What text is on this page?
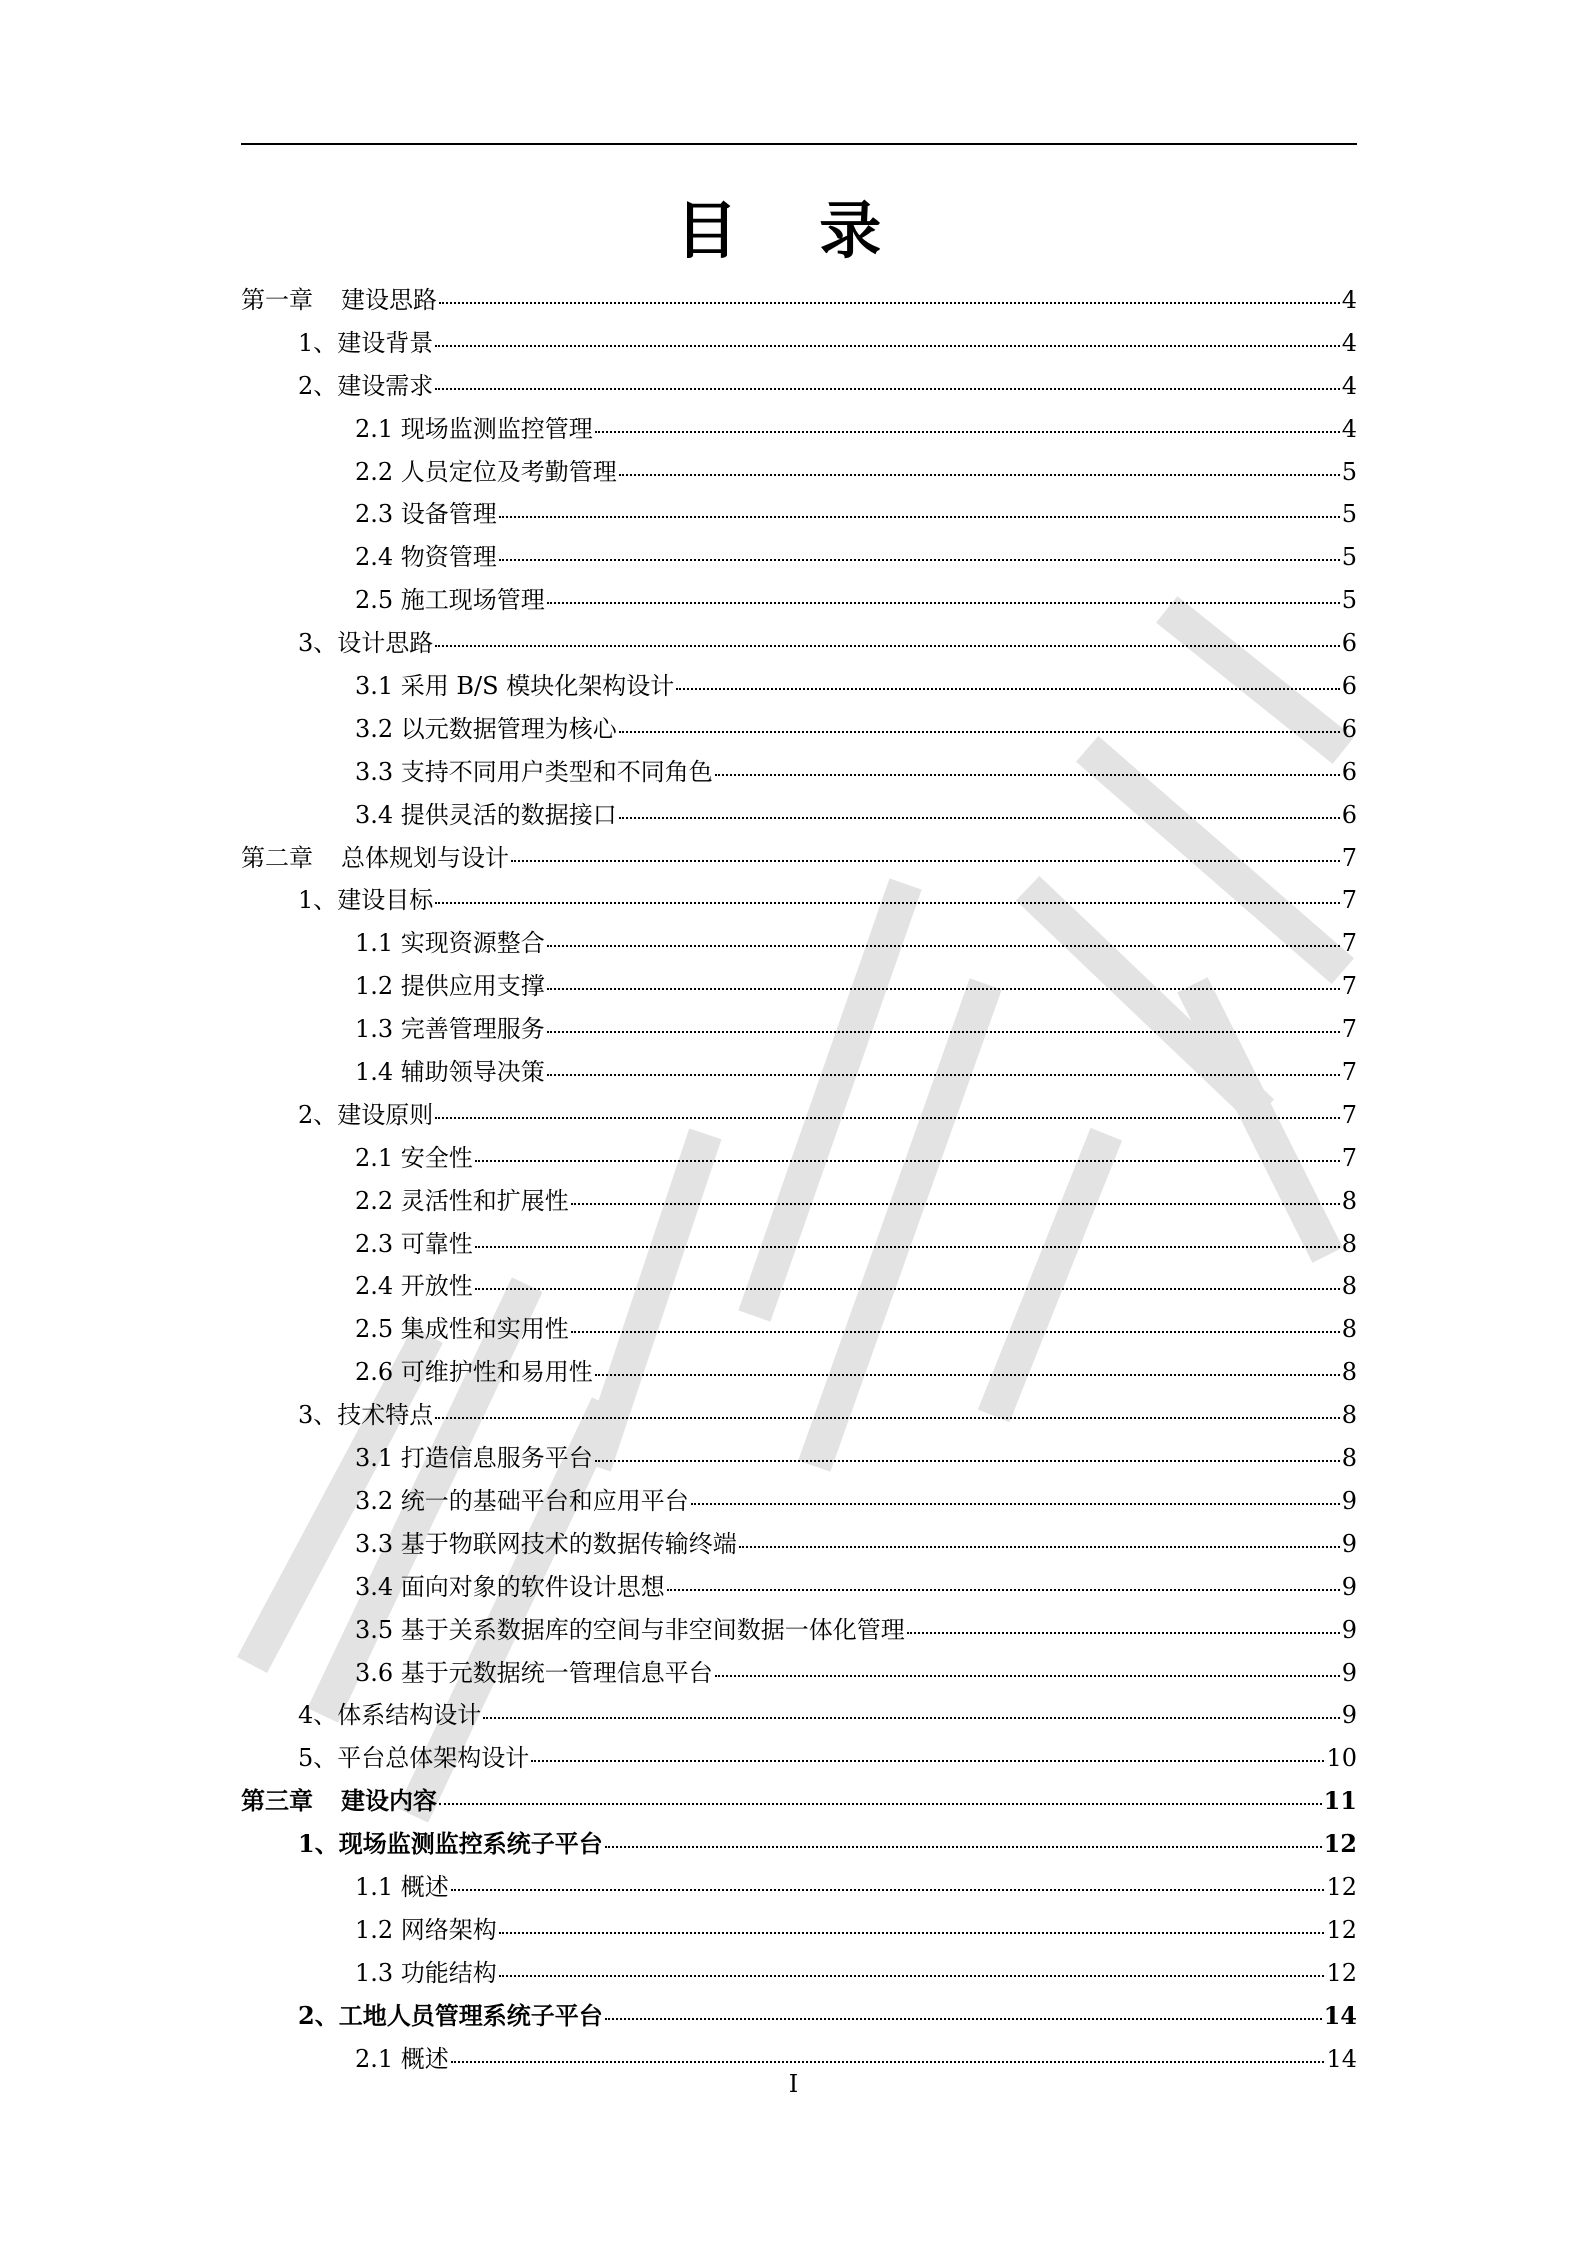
目 录
第一章 建设思路	4
1、建设背景	4
2、建设需求	4
2.1 现场监测监控管理	4
2.2 人员定位及考勤管理	5
2.3 设备管理	5
2.4 物资管理	5
2.5 施工现场管理	5
3、设计思路	6
3.1 采用 B/S 模块化架构设计	6
3.2 以元数据管理为核心	6
3.3 支持不同用户类型和不同角色	6
3.4 提供灵活的数据接口	6
第二章 总体规划与设计	7
1、建设目标	7
1.1 实现资源整合	7
1.2 提供应用支撑	7
1.3 完善管理服务	7
1.4 辅助领导决策	7
2、建设原则	7
2.1 安全性	7
2.2 灵活性和扩展性	8
2.3 可靠性	8
2.4 开放性	8
2.5 集成性和实用性	8
2.6 可维护性和易用性	8
3、技术特点	8
3.1 打造信息服务平台	8
3.2 统一的基础平台和应用平台	9
3.3 基于物联网技术的数据传输终端	9
3.4 面向对象的软件设计思想	9
3.5 基于关系数据库的空间与非空间数据一体化管理	9
3.6 基于元数据统一管理信息平台	9
4、体系结构设计	9
5、平台总体架构设计	10
第三章 建设内容	11
1、现场监测监控系统子平台	12
1.1 概述	12
1.2 网络架构	12
1.3 功能结构	12
2、工地人员管理系统子平台	14
2.1 概述	14
I
